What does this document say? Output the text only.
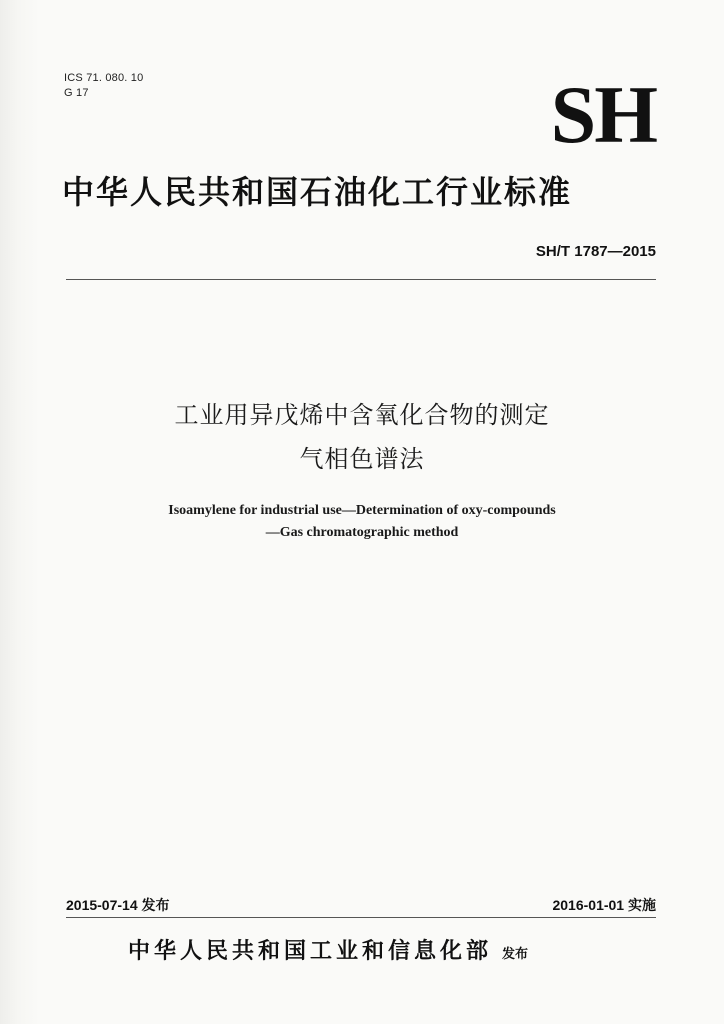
ICS 71. 080. 10
G 17	SH
中华人民共和国石油化工行业标准
SH/T 1787—2015
工业用异戊烯中含氧化合物的测定
气相色谱法
Isoamylene for industrial use—Determination of oxy-compounds
—Gas chromatographic method
2015-07-14 发布	2016-01-01 实施
中华人民共和国工业和信息化部 发布
